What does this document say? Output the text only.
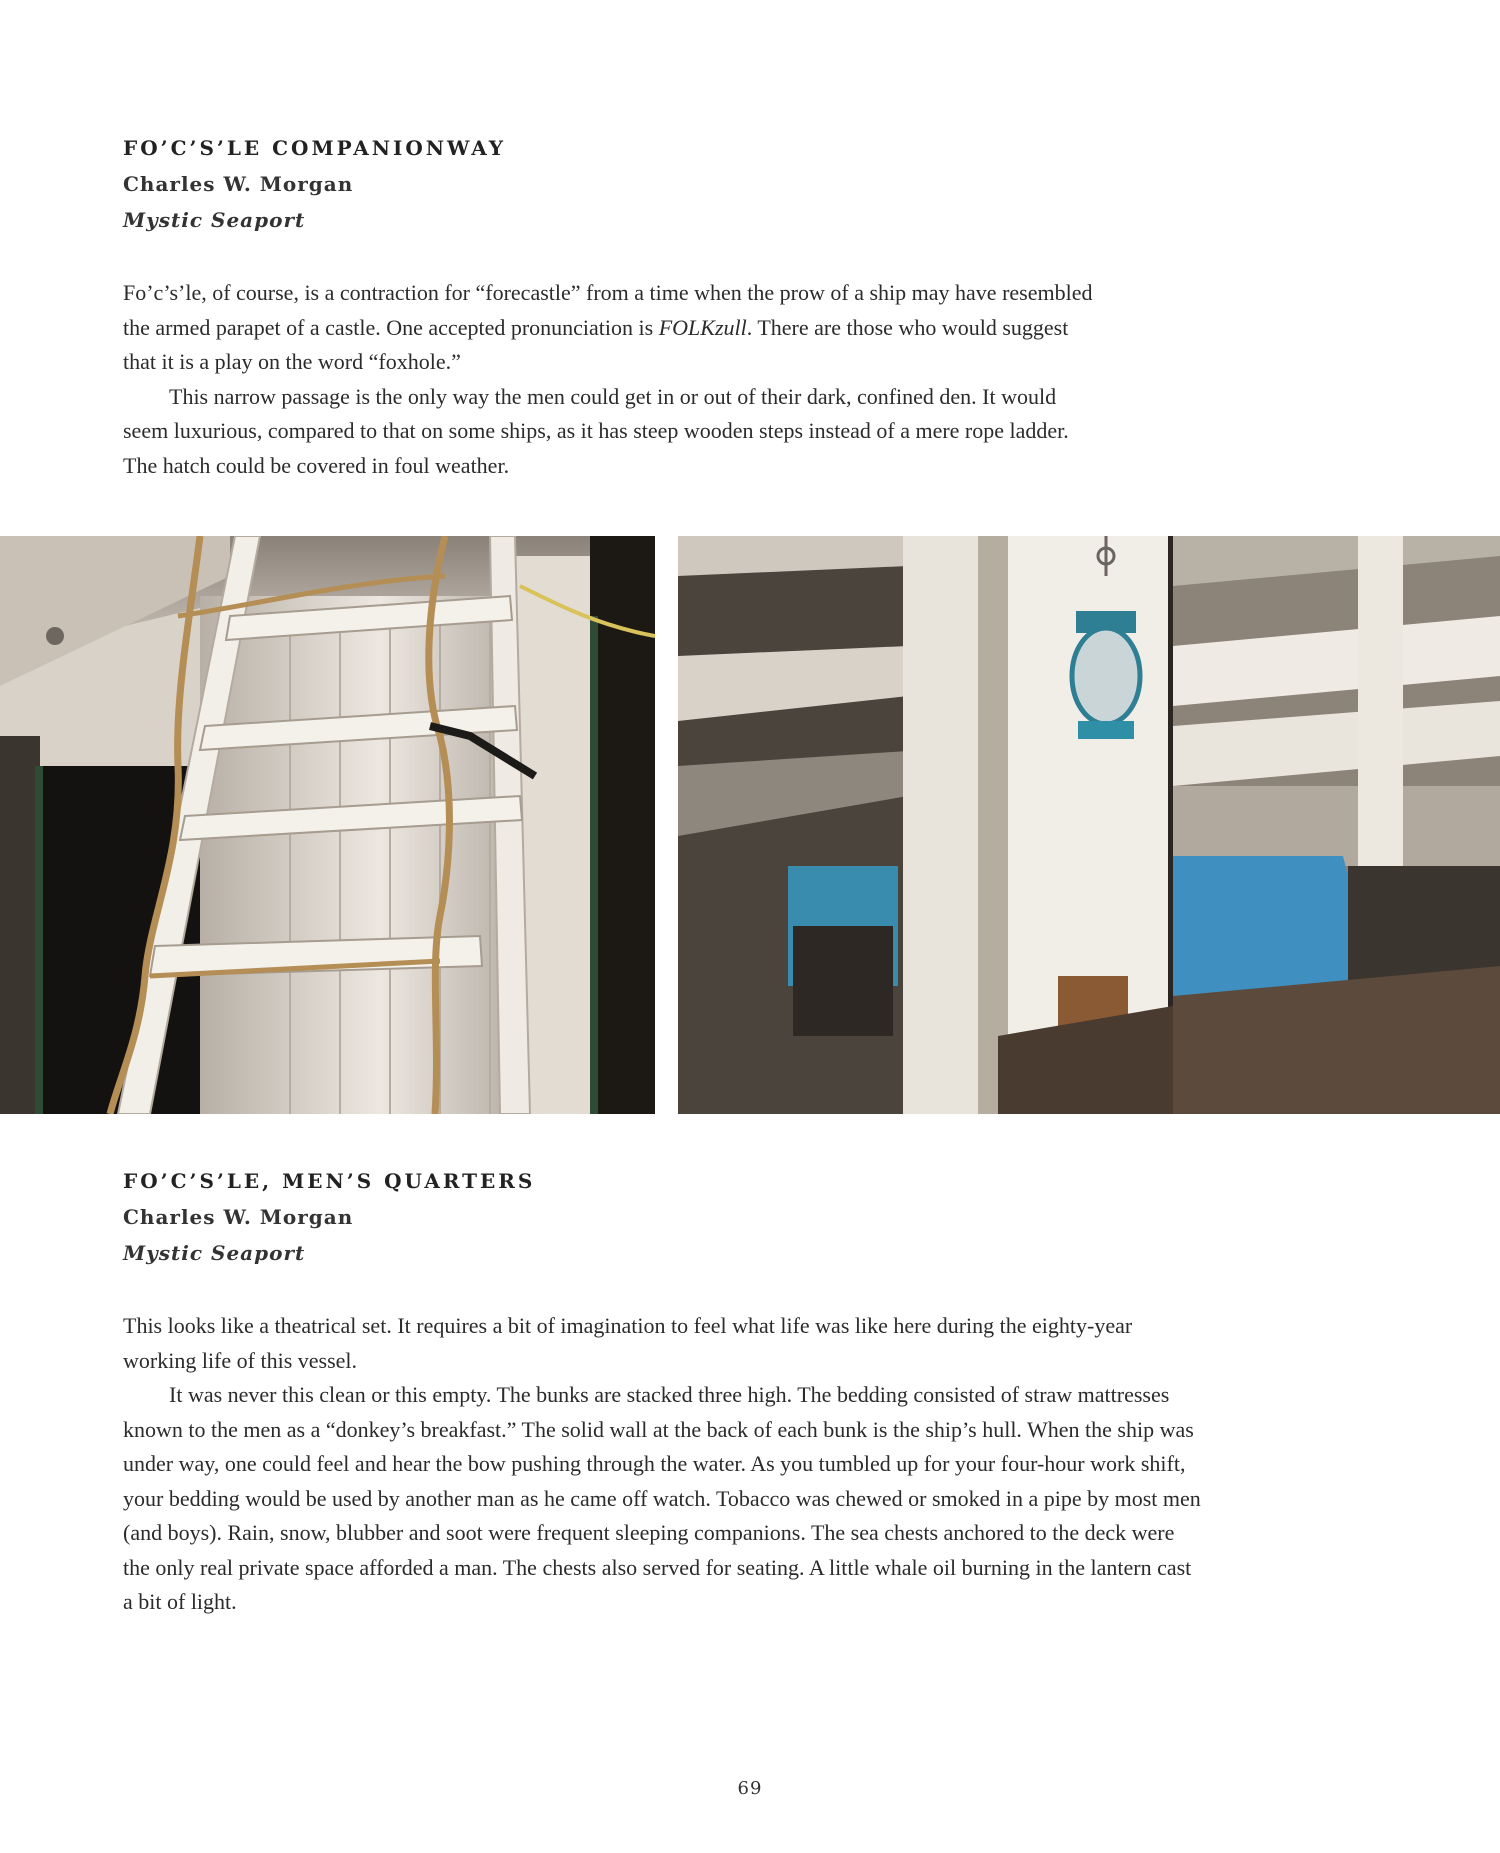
FO’C’S’LE COMPANIONWAY
Charles W. Morgan
Mystic Seaport

Fo’c’s’le, of course, is a contraction for “forecastle” from a time when the prow of a ship may have resembled the armed parapet of a castle. One accepted pronunciation is FOLKzull. There are those who would suggest that it is a play on the word “foxhole.”

This narrow passage is the only way the men could get in or out of their dark, confined den. It would seem luxurious, compared to that on some ships, as it has steep wooden steps instead of a mere rope ladder. The hatch could be covered in foul weather.

FO’C’S’LE, MEN’S QUARTERS
Charles W. Morgan
Mystic Seaport

This looks like a theatrical set. It requires a bit of imagination to feel what life was like here during the eighty-year working life of this vessel.

It was never this clean or this empty. The bunks are stacked three high. The bedding consisted of straw mattresses known to the men as a “donkey’s breakfast.” The solid wall at the back of each bunk is the ship’s hull. When the ship was under way, one could feel and hear the bow pushing through the water. As you tumbled up for your four-hour work shift, your bedding would be used by another man as he came off watch. Tobacco was chewed or smoked in a pipe by most men (and boys). Rain, snow, blubber and soot were frequent sleeping companions. The sea chests anchored to the deck were the only real private space afforded a man. The chests also served for seating. A little whale oil burning in the lantern cast a bit of light.

69
